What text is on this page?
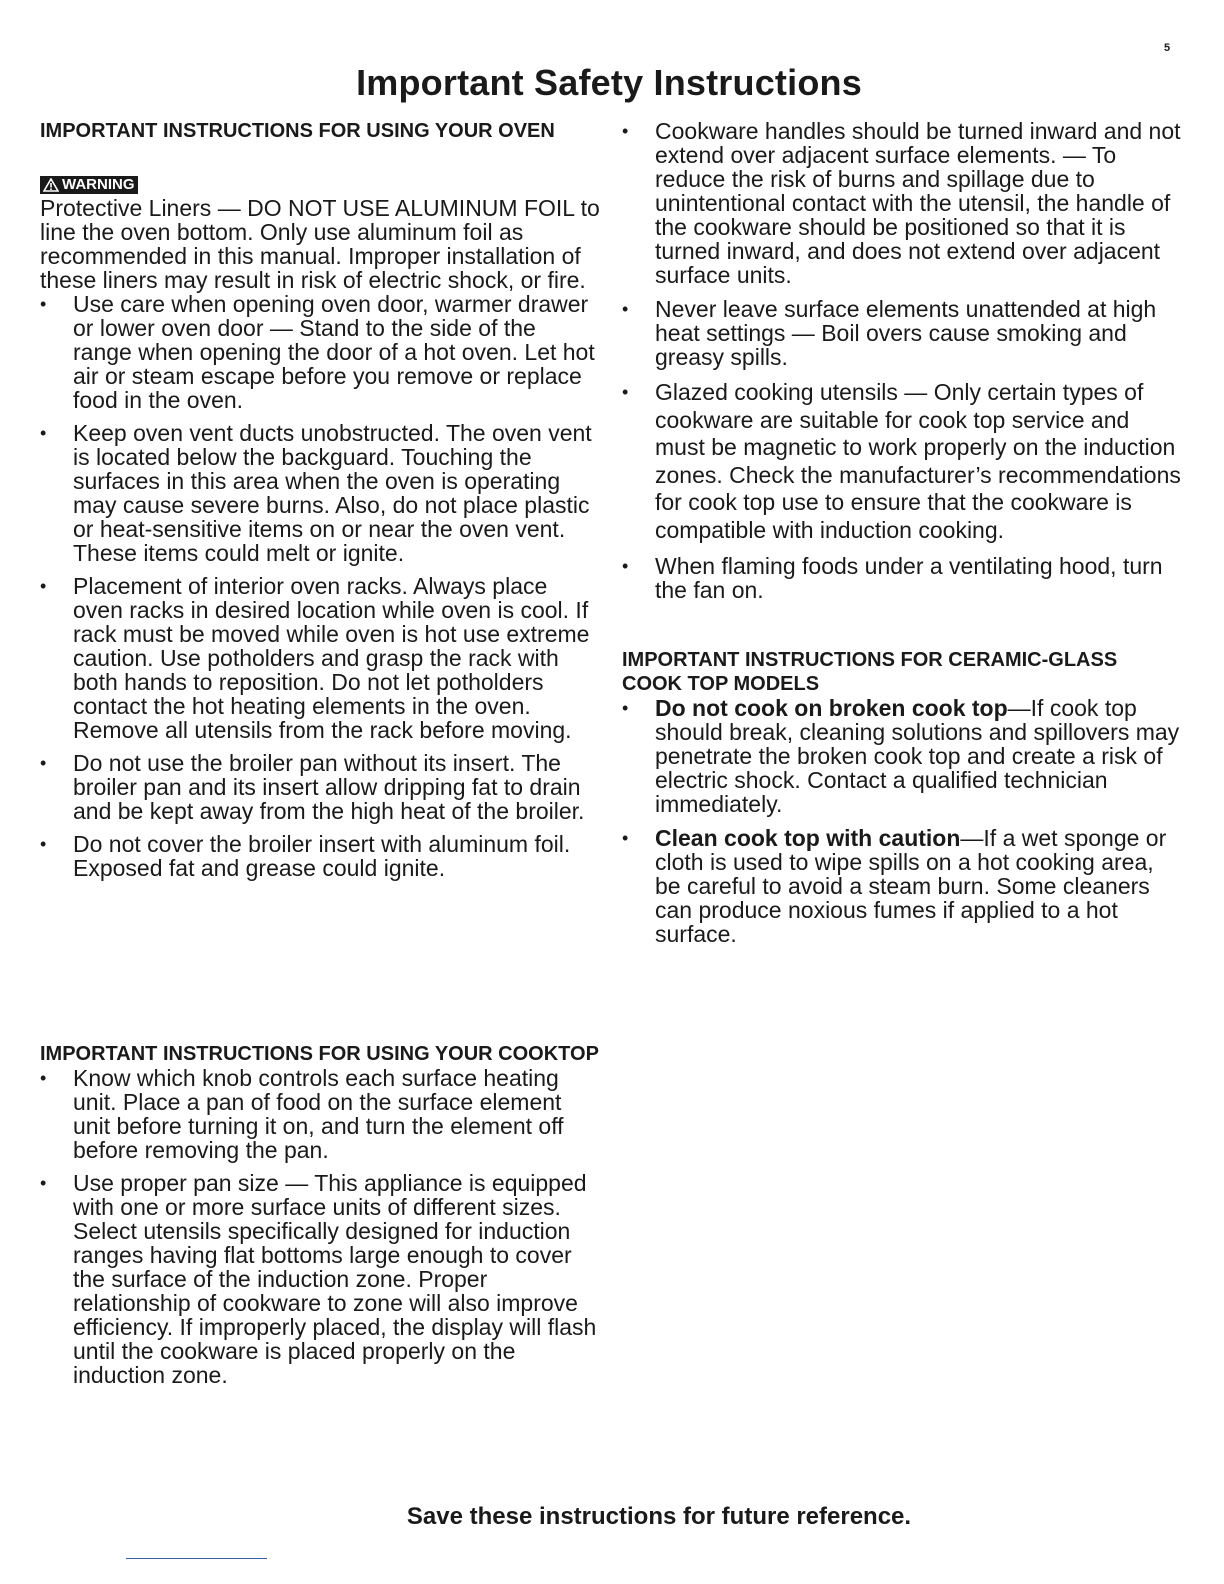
5
Important Safety Instructions
IMPORTANT INSTRUCTIONS FOR USING YOUR OVEN
WARNING

Protective Liners — DO NOT USE ALUMINUM FOIL to line the oven bottom. Only use aluminum foil as recommended in this manual. Improper installation of these liners may result in risk of electric shock, or fire.

• Use care when opening oven door, warmer drawer or lower oven door — Stand to the side of the range when opening the door of a hot oven. Let hot air or steam escape before you remove or replace food in the oven.
• Keep oven vent ducts unobstructed. The oven vent is located below the backguard. Touching the surfaces in this area when the oven is operating may cause severe burns. Also, do not place plastic or heat-sensitive items on or near the oven vent. These items could melt or ignite.
• Placement of interior oven racks. Always place oven racks in desired location while oven is cool. If rack must be moved while oven is hot use extreme caution. Use potholders and grasp the rack with both hands to reposition. Do not let potholders contact the hot heating elements in the oven. Remove all utensils from the rack before moving.
• Do not use the broiler pan without its insert. The broiler pan and its insert allow dripping fat to drain and be kept away from the high heat of the broiler.
• Do not cover the broiler insert with aluminum foil. Exposed fat and grease could ignite.
• Cookware handles should be turned inward and not extend over adjacent surface elements. — To reduce the risk of burns and spillage due to unintentional contact with the utensil, the handle of the cookware should be positioned so that it is turned inward, and does not extend over adjacent surface units.
• Never leave surface elements unattended at high heat settings — Boil overs cause smoking and greasy spills.
• Glazed cooking utensils — Only certain types of cookware are suitable for cook top service and must be magnetic to work properly on the induction zones. Check the manufacturer’s recommendations for cook top use to ensure that the cookware is compatible with induction cooking.
• When flaming foods under a ventilating hood, turn the fan on.
IMPORTANT INSTRUCTIONS FOR CERAMIC-GLASS COOK TOP MODELS
• Do not cook on broken cook top—If cook top should break, cleaning solutions and spillovers may penetrate the broken cook top and create a risk of electric shock. Contact a qualified technician immediately.
• Clean cook top with caution—If a wet sponge or cloth is used to wipe spills on a hot cooking area, be careful to avoid a steam burn. Some cleaners can produce noxious fumes if applied to a hot surface.
IMPORTANT INSTRUCTIONS FOR USING YOUR COOKTOP
• Know which knob controls each surface heating unit. Place a pan of food on the surface element unit before turning it on, and turn the element off before removing the pan.
• Use proper pan size — This appliance is equipped with one or more surface units of different sizes. Select utensils specifically designed for induction ranges having flat bottoms large enough to cover the surface of the induction zone. Proper relationship of cookware to zone will also improve efficiency. If improperly placed, the display will flash until the cookware is placed properly on the induction zone.
Save these instructions for future reference.
